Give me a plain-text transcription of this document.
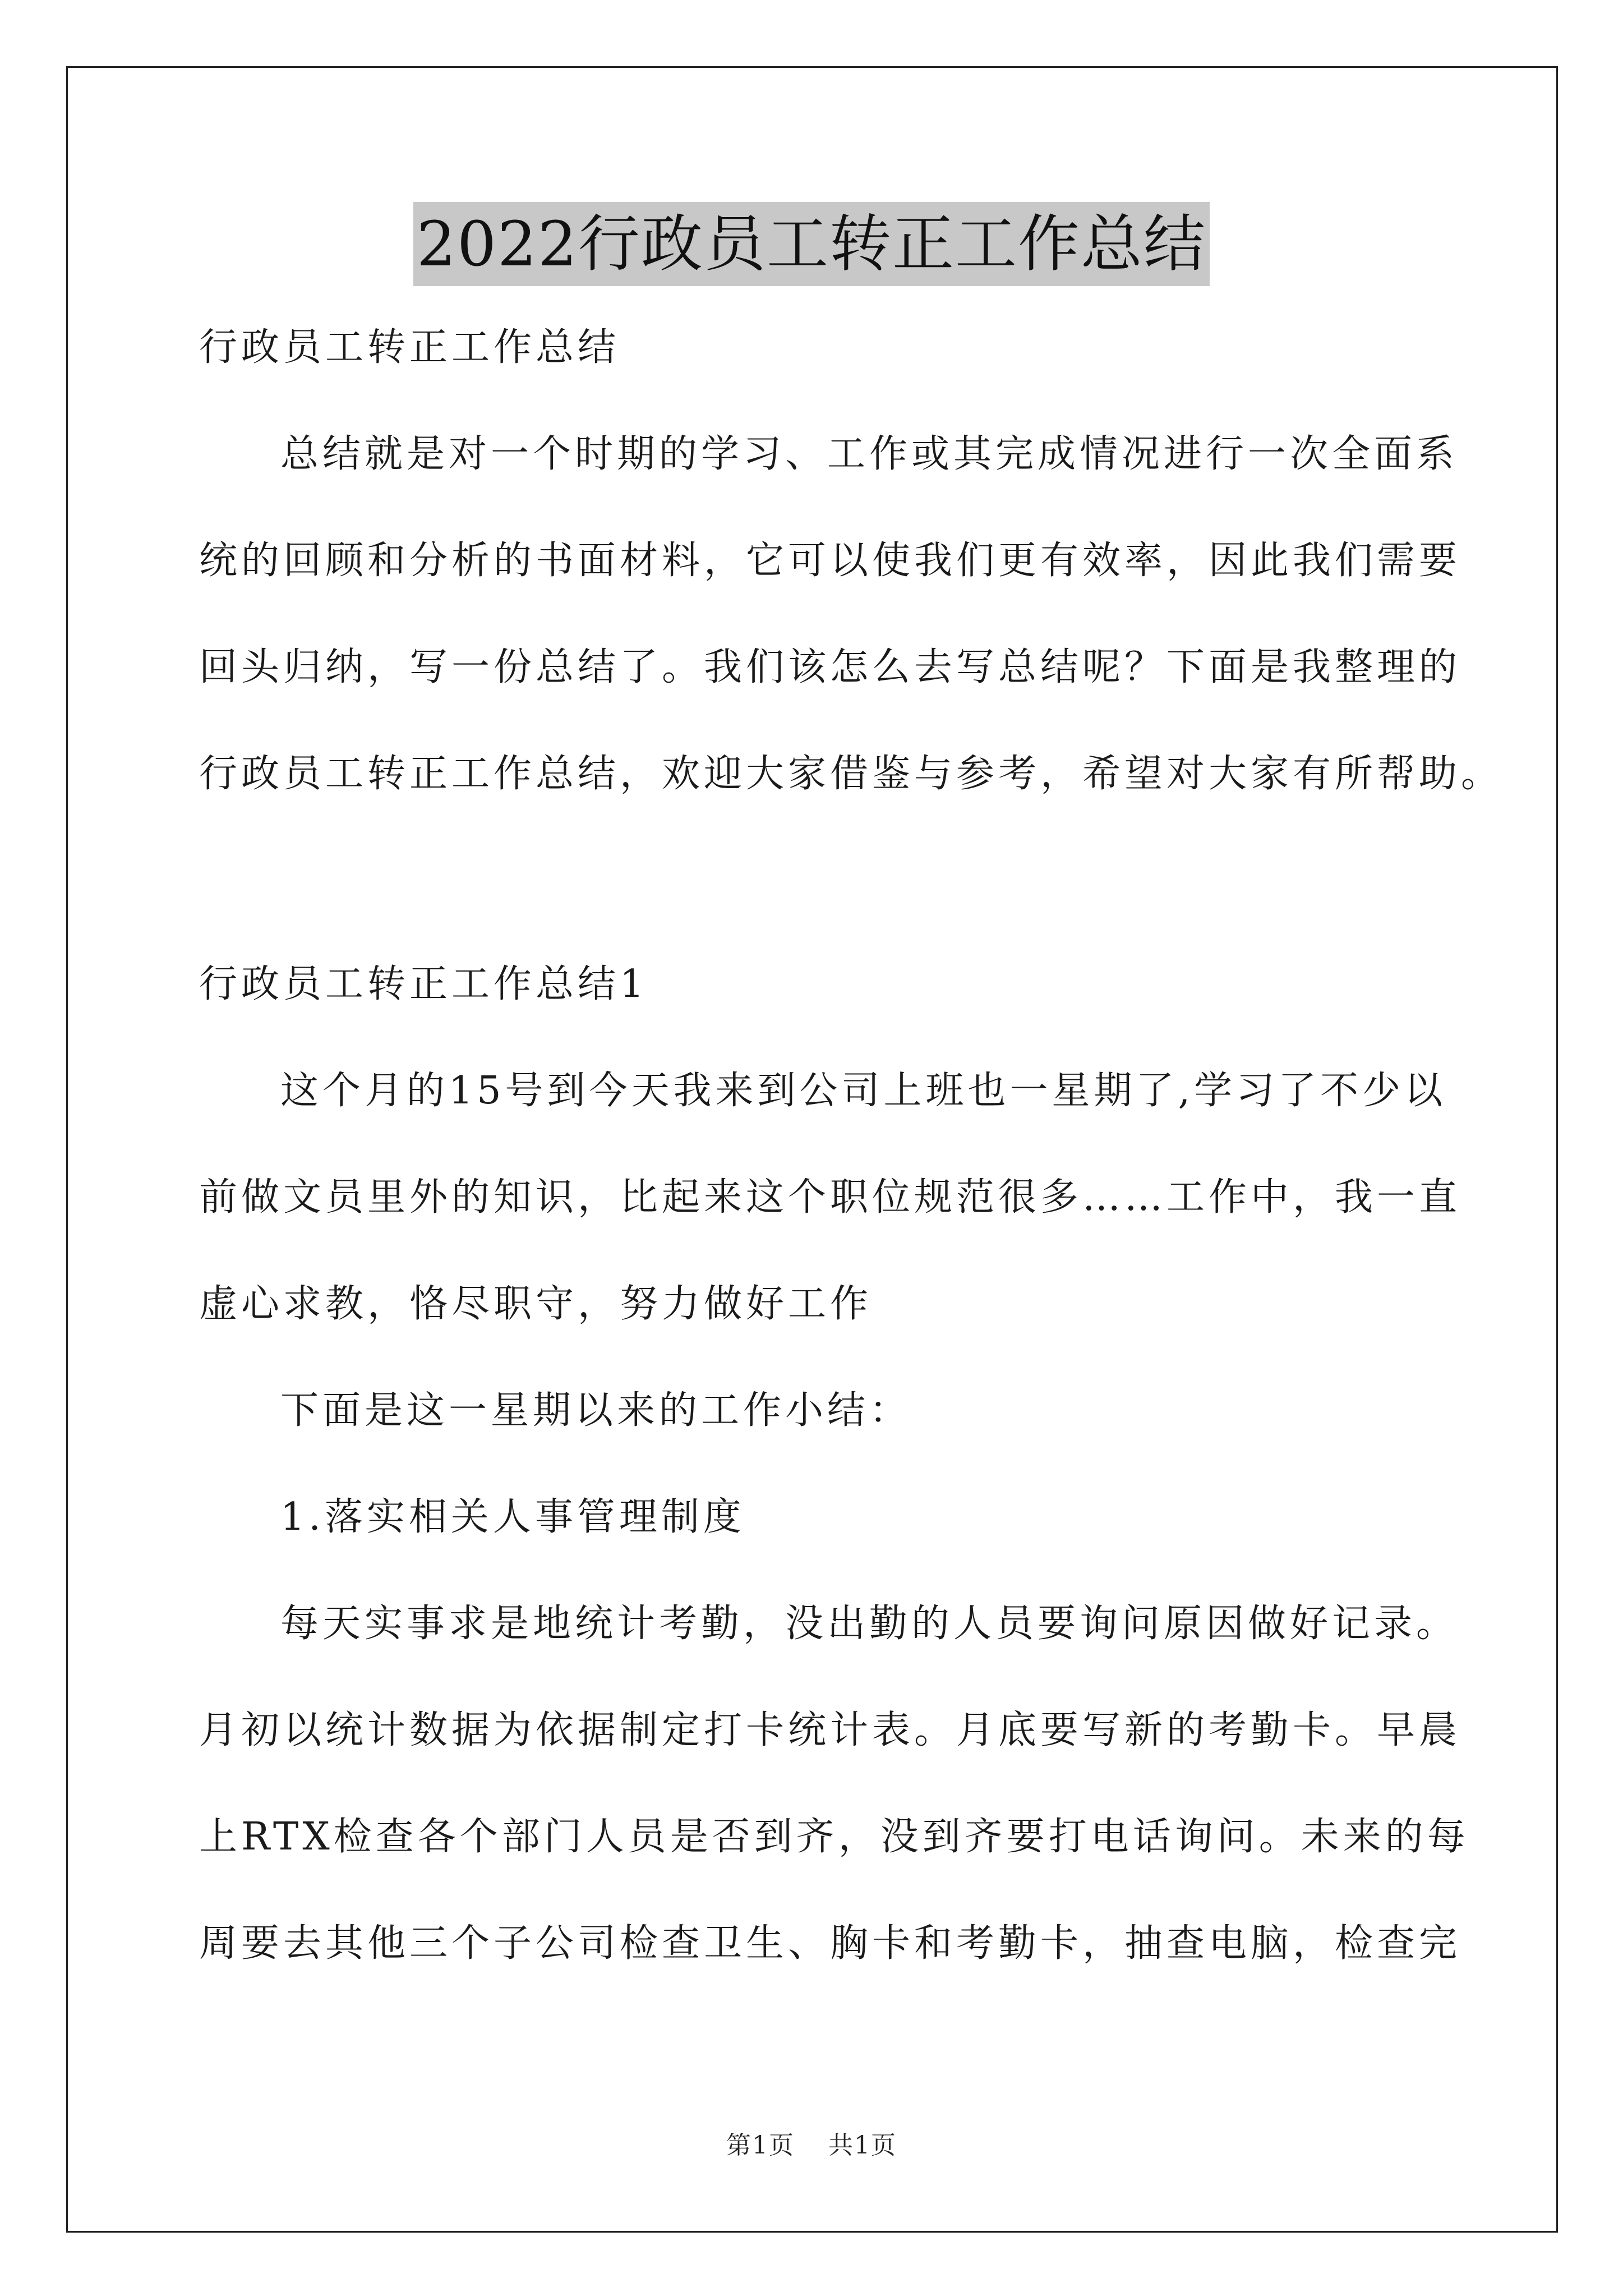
2022行政员工转正工作总结

行政员工转正工作总结

总结就是对一个时期的学习、工作或其完成情况进行一次全面系

统的回顾和分析的书面材料，它可以使我们更有效率，因此我们需要

回头归纳，写一份总结了。我们该怎么去写总结呢？下面是我整理的

行政员工转正工作总结，欢迎大家借鉴与参考，希望对大家有所帮助。

行政员工转正工作总结1

这个月的15号到今天我来到公司上班也一星期了,学习了不少以

前做文员里外的知识，比起来这个职位规范很多……工作中，我一直

虚心求教，恪尽职守，努力做好工作

下面是这一星期以来的工作小结：

1.落实相关人事管理制度

每天实事求是地统计考勤，没出勤的人员要询问原因做好记录。

月初以统计数据为依据制定打卡统计表。月底要写新的考勤卡。早晨

上RTX检查各个部门人员是否到齐，没到齐要打电话询问。未来的每

周要去其他三个子公司检查卫生、胸卡和考勤卡，抽查电脑，检查完

第1页 共1页
